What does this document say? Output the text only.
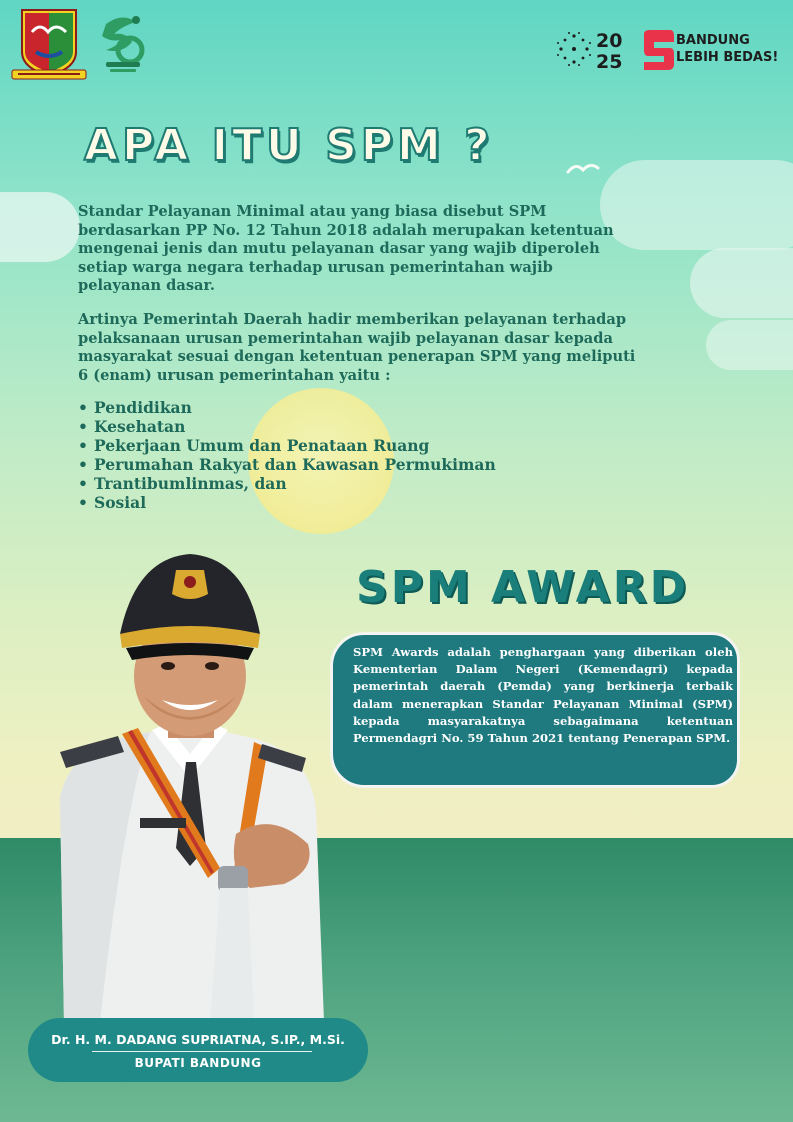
20
25
BANDUNG
LEBIH BEDAS!
APA ITU SPM ?

Standar Pelayanan Minimal atau yang biasa disebut SPM berdasarkan PP No. 12 Tahun 2018 adalah merupakan ketentuan mengenai jenis dan mutu pelayanan dasar yang wajib diperoleh setiap warga negara terhadap urusan pemerintahan wajib pelayanan dasar.

Artinya Pemerintah Daerah hadir memberikan pelayanan terhadap pelaksanaan urusan pemerintahan wajib pelayanan dasar kepada masyarakat sesuai dengan ketentuan penerapan SPM yang meliputi 6 (enam) urusan pemerintahan yaitu :

• Pendidikan
• Kesehatan
• Pekerjaan Umum dan Penataan Ruang
• Perumahan Rakyat dan Kawasan Permukiman
• Trantibumlinmas, dan
• Sosial
SPM AWARD

SPM Awards adalah penghargaan yang diberikan oleh Kementerian Dalam Negeri (Kemendagri) kepada pemerintah daerah (Pemda) yang berkinerja terbaik dalam menerapkan Standar Pelayanan Minimal (SPM) kepada masyarakatnya sebagaimana ketentuan Permendagri No. 59 Tahun 2021 tentang Penerapan SPM.

Dr. H. M. DADANG SUPRIATNA, S.IP., M.Si.
BUPATI BANDUNG
